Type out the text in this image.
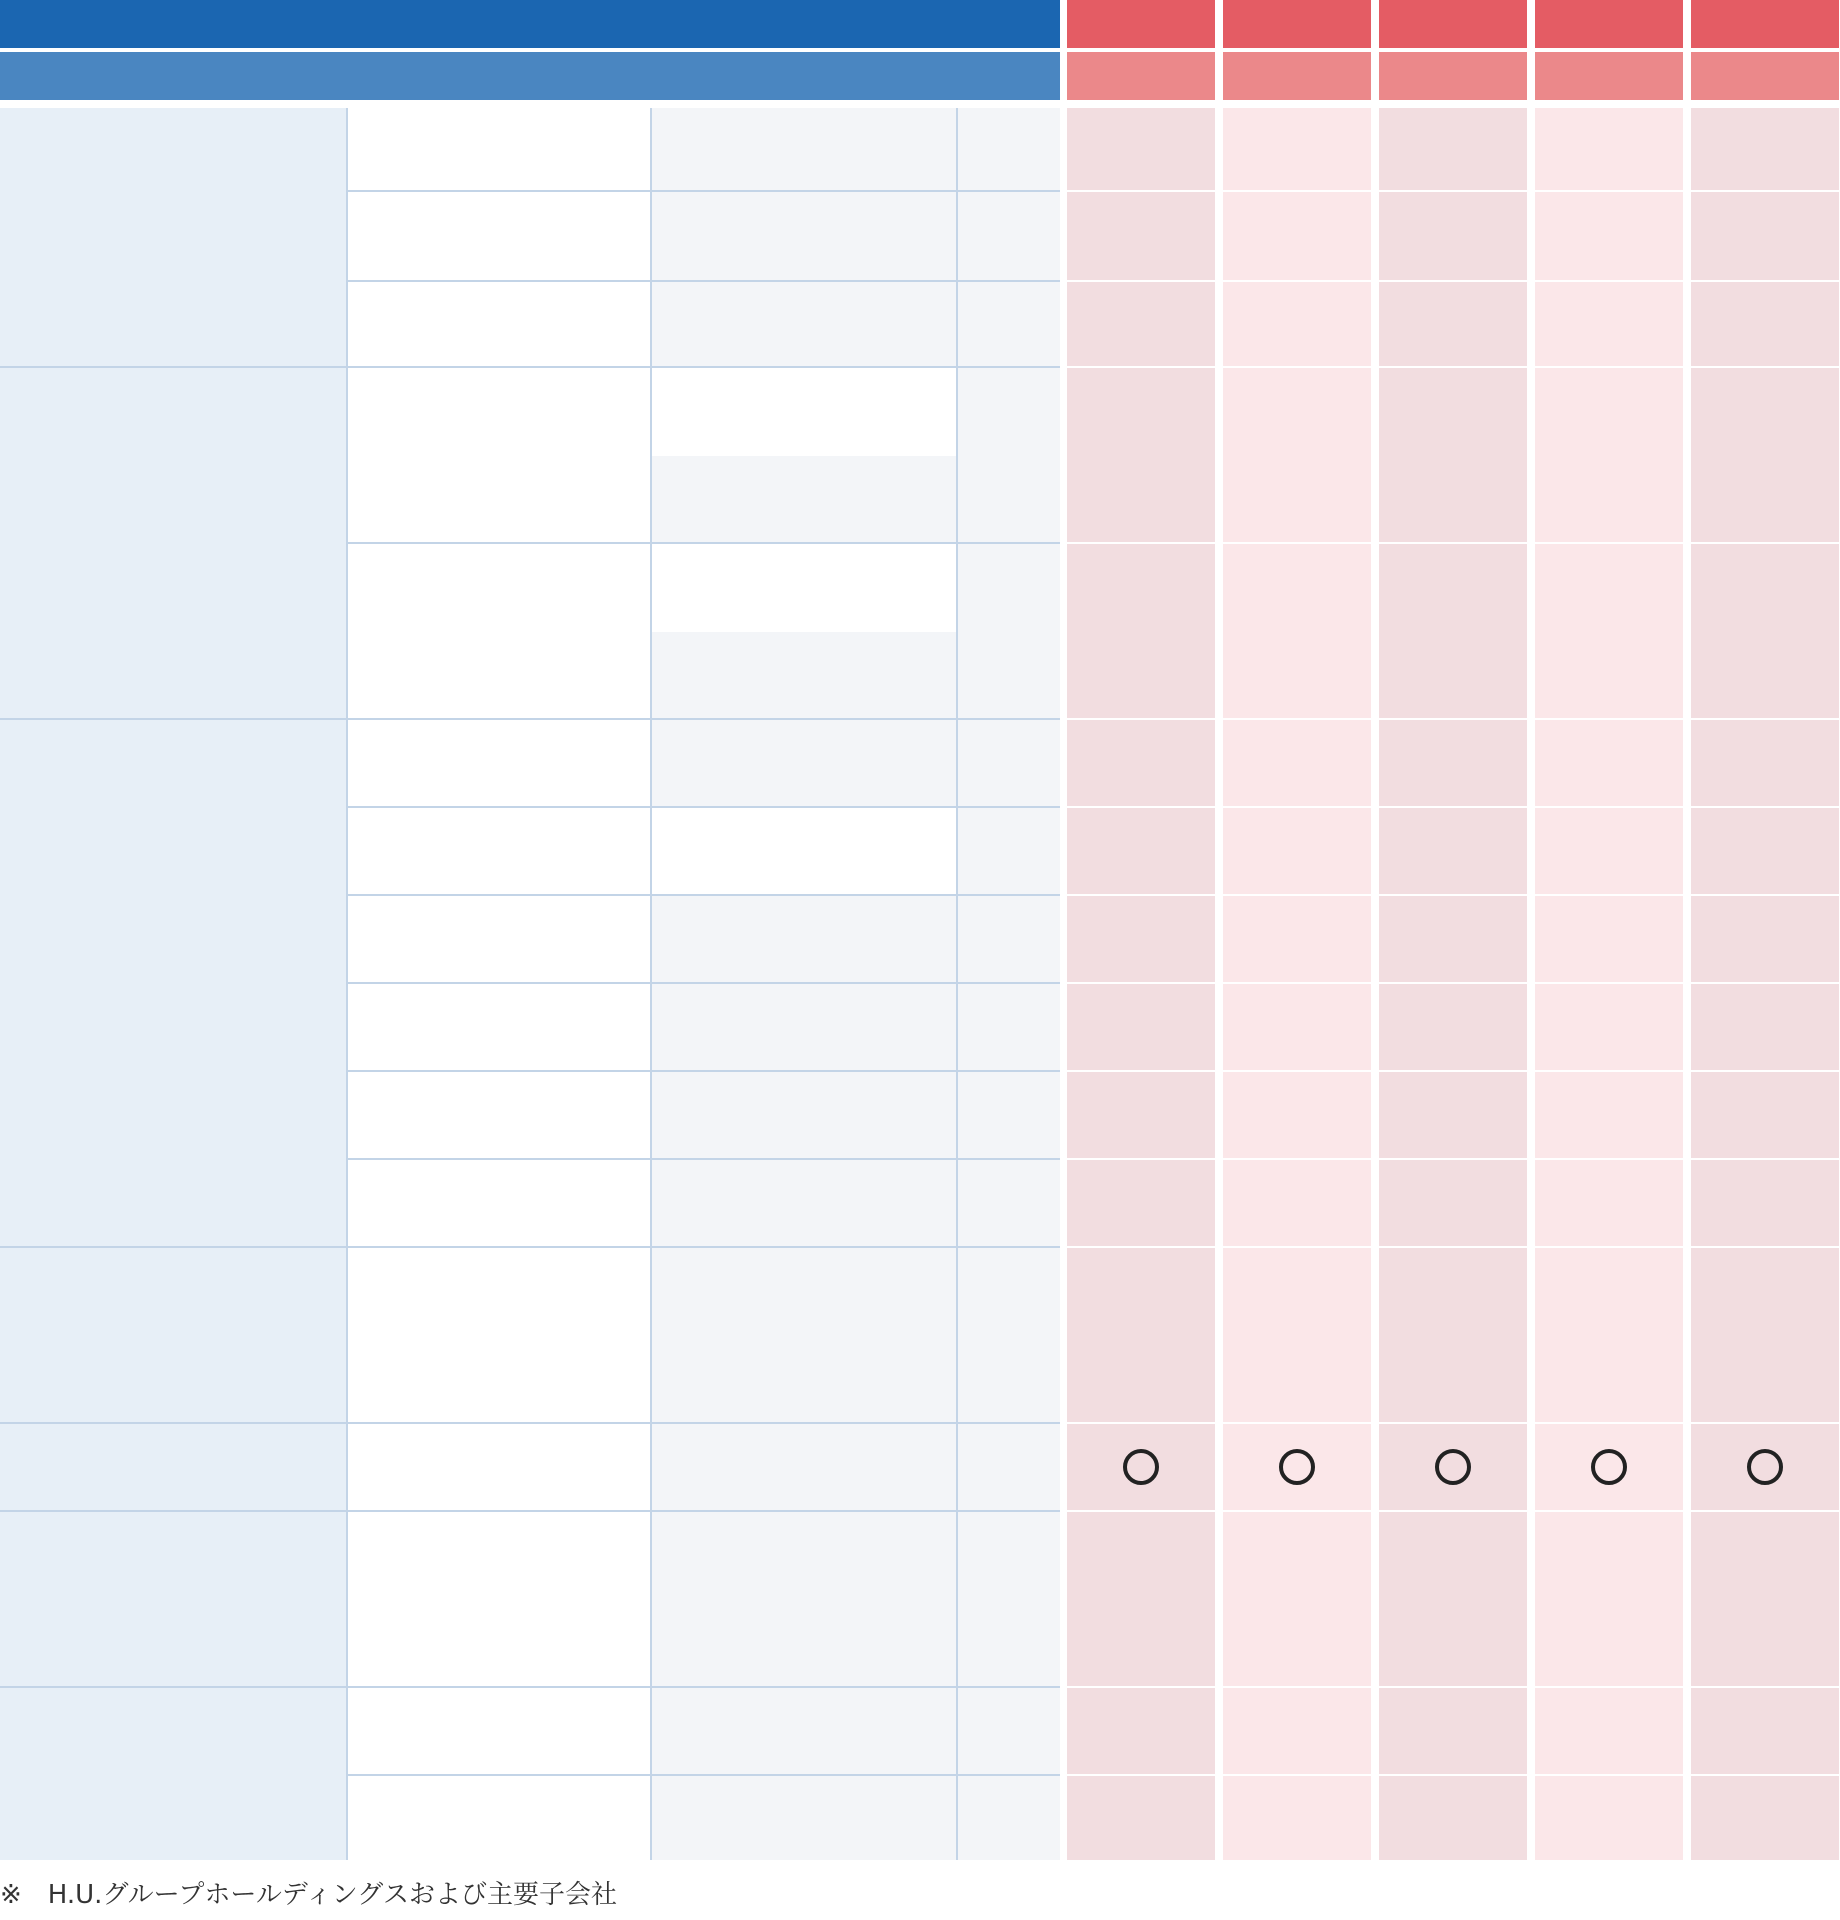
※　H.U.グループホールディングスおよび主要子会社
